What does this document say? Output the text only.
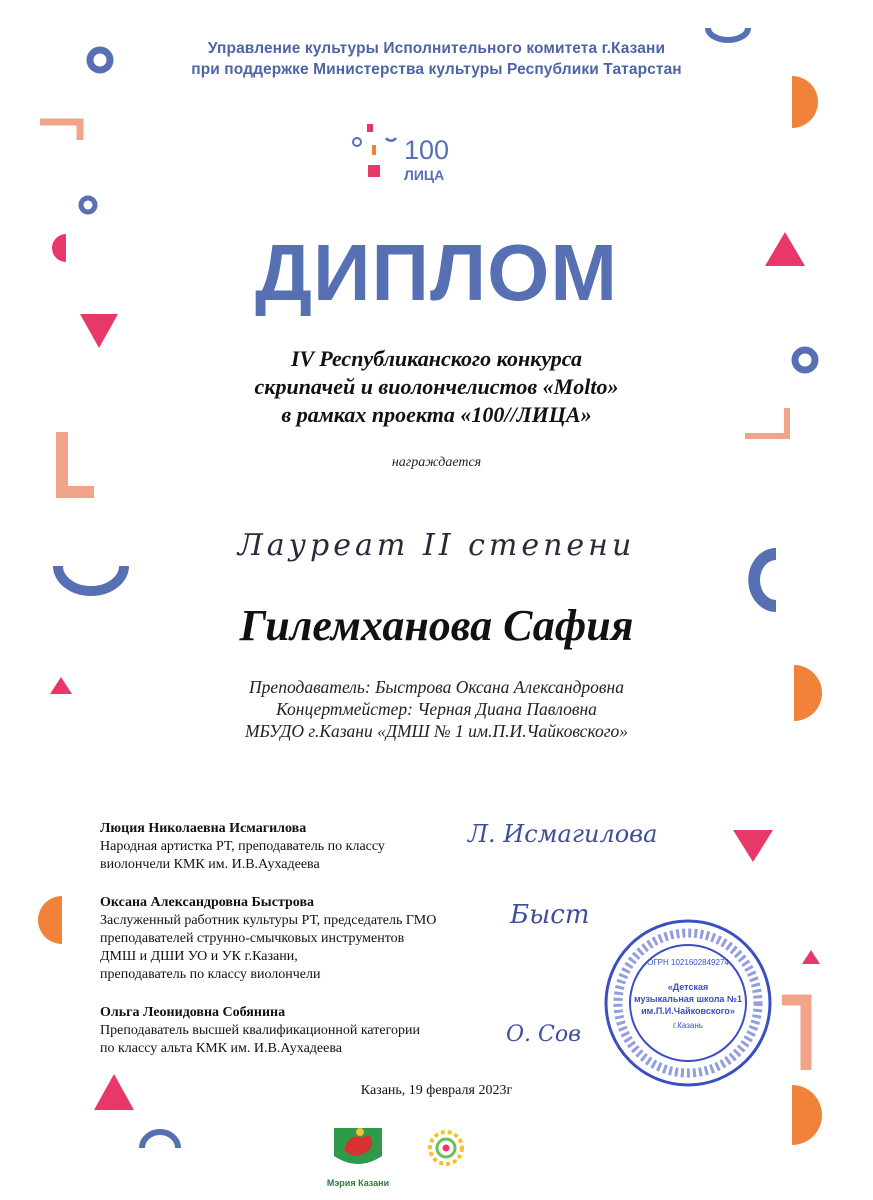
100
ЛИЦА
ОГРН 1021602849274
«Детская
музыкальная школа №1
им.П.И.Чайковского»
г.Казань
Мэрия Казани
Управление культуры Исполнительного комитета г.Казани
при поддержке Министерства культуры Республики Татарстан
ДИПЛОМ
IV Республиканского конкурса
скрипачей и виолончелистов «Molto»
в рамках проекта «100//ЛИЦА»
награждается
Лауреат II степени
Гилемханова Сафия
Преподаватель: Быстрова Оксана Александровна
Концертмейстер: Черная Диана Павловна
МБУДО г.Казани «ДМШ № 1 им.П.И.Чайковского»
Люция Николаевна Исмагилова
Народная артистка РТ, преподаватель по классу
виолончели КМК им. И.В.Аухадеева
Л. Исмагилова
Оксана Александровна Быстрова
Заслуженный работник культуры РТ, председатель ГМО
преподавателей струнно-смычковых инструментов
ДМШ и ДШИ УО и УК г.Казани,
преподаватель по классу виолончели
Быст
Ольга Леонидовна Собянина
Преподаватель высшей квалификационной категории
по классу альта КМК им. И.В.Аухадеева
О. Сов
Казань, 19 февраля 2023г
